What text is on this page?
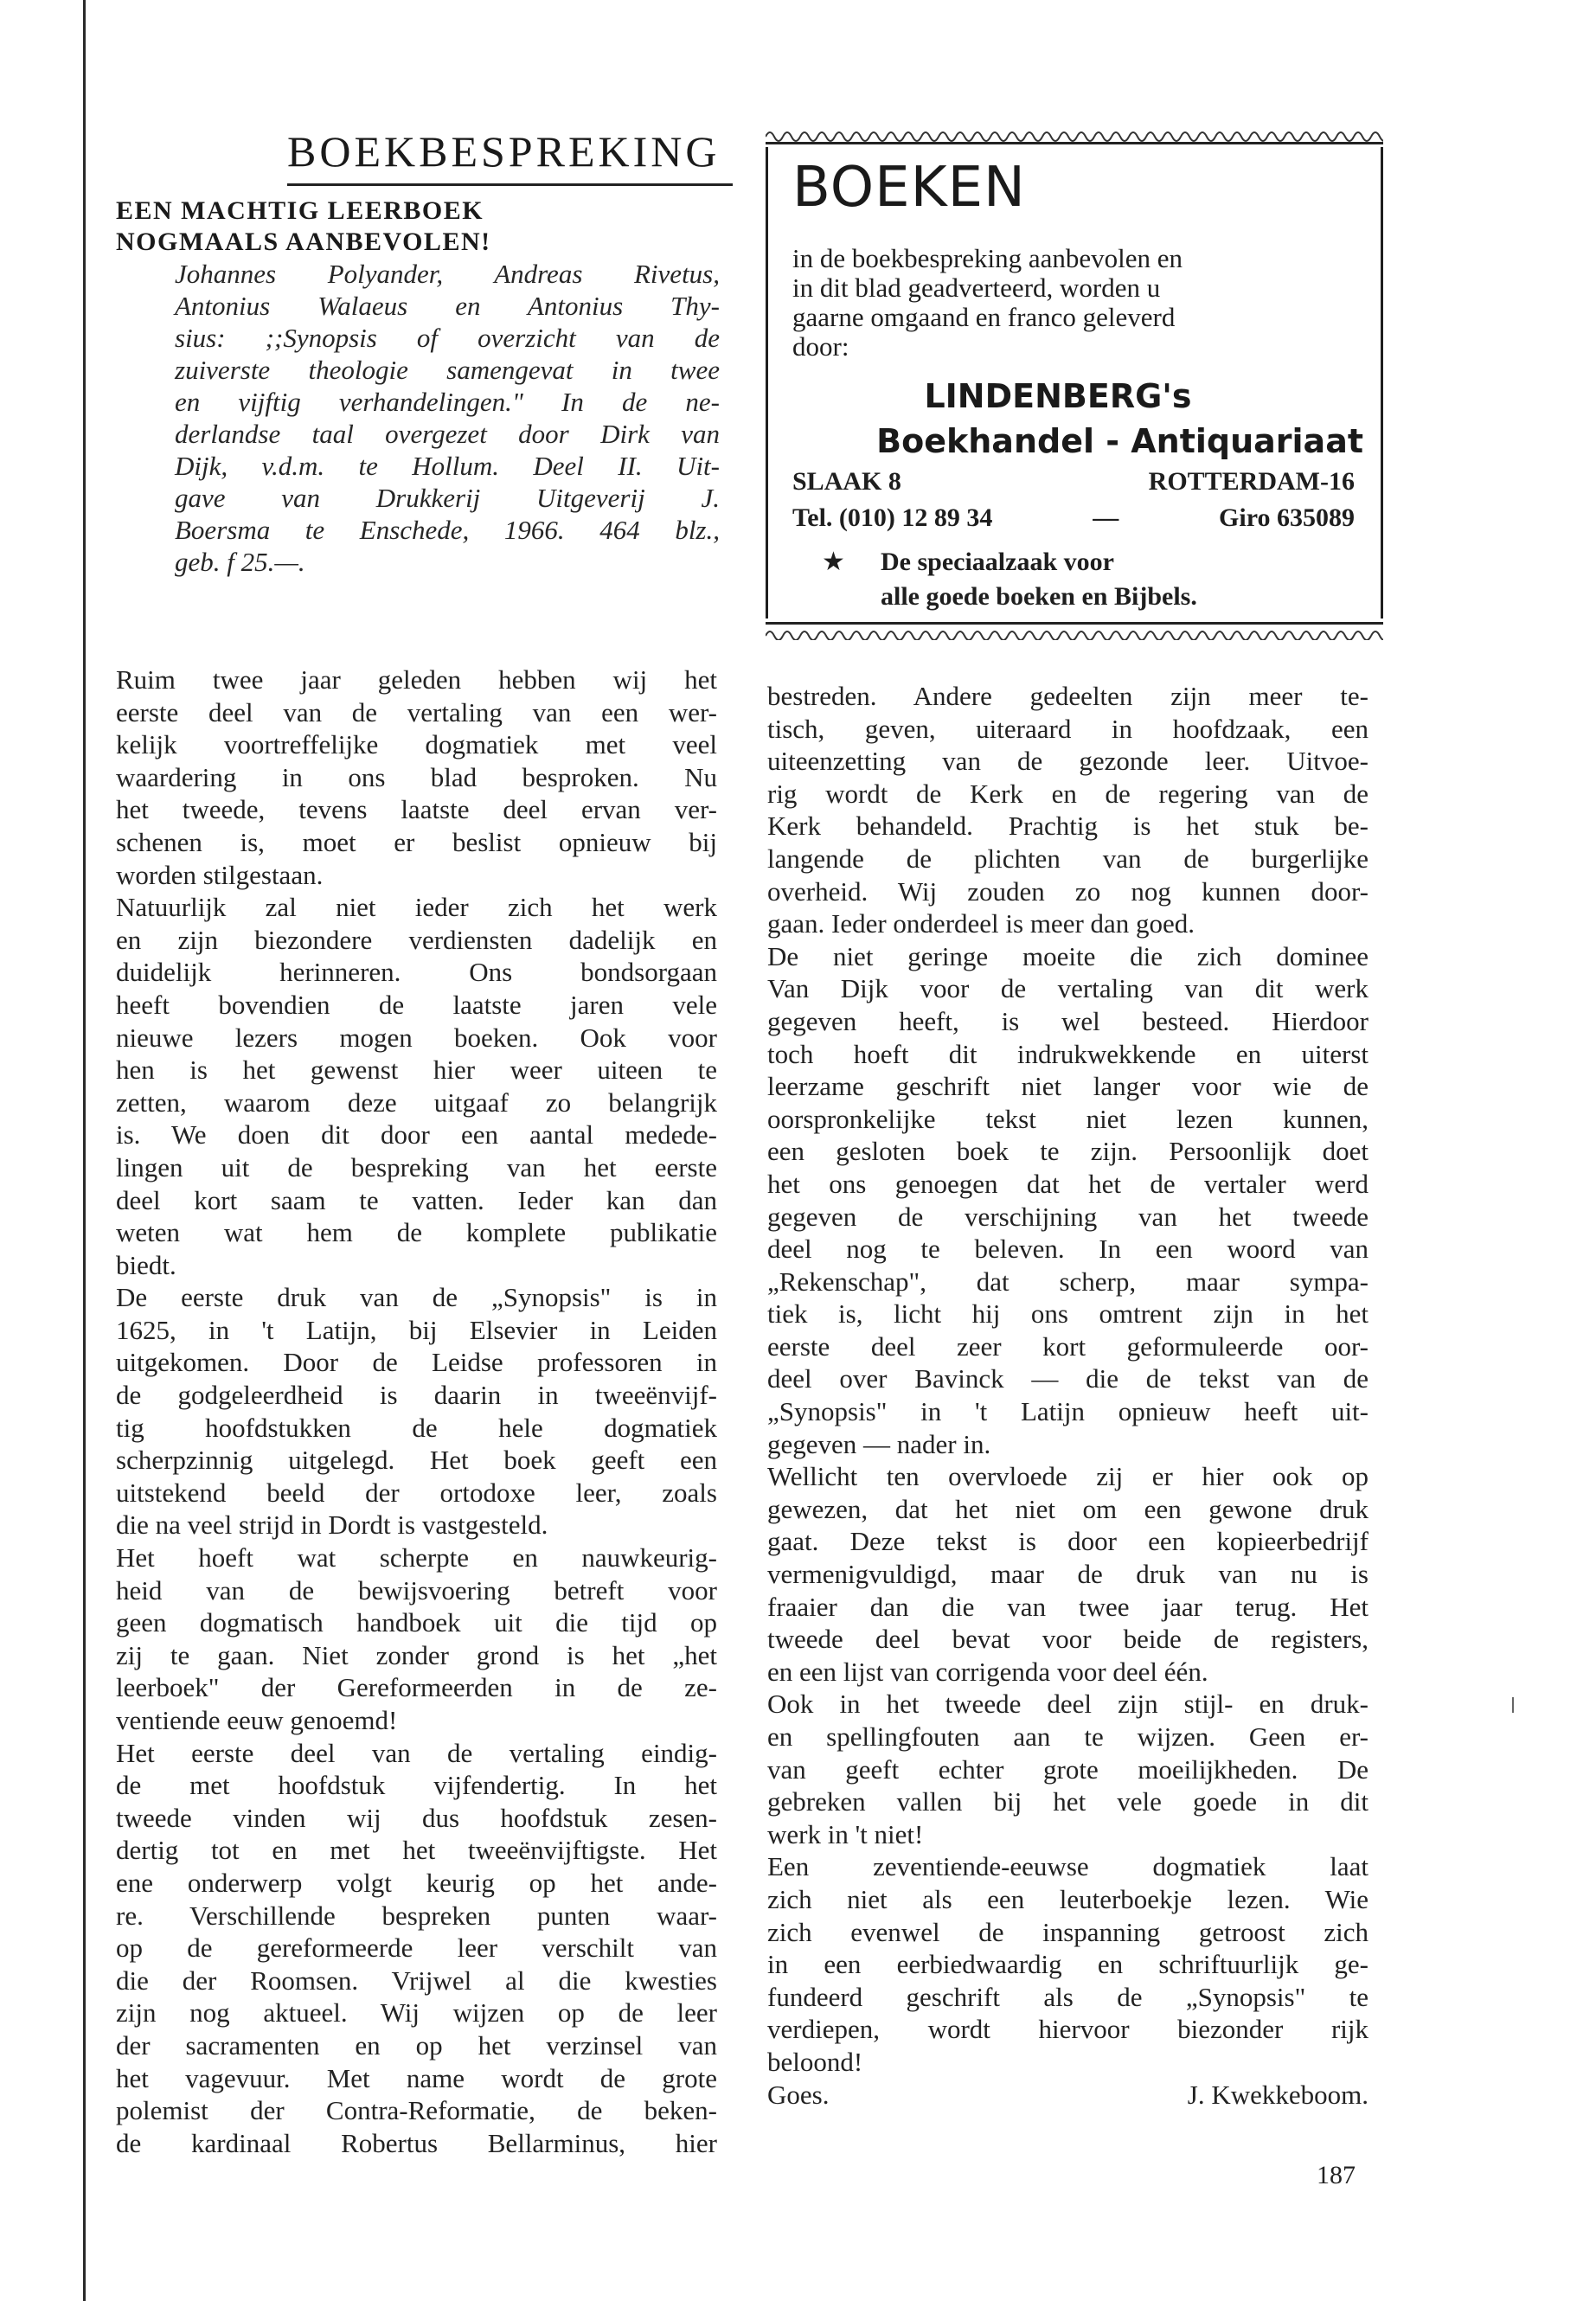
BOEKBESPREKING
EEN MACHTIG LEERBOEK
NOGMAALS AANBEVOLEN!
Johannes Polyander, Andreas Rivetus,
Antonius Walaeus en Antonius Thy-
sius: ;;Synopsis of overzicht van de
zuiverste theologie samengevat in twee
en vijftig verhandelingen." In de ne-
derlandse taal overgezet door Dirk van
Dijk, v.d.m. te Hollum. Deel II. Uit-
gave van Drukkerij Uitgeverij J.
Boersma te Enschede, 1966. 464 blz.,
geb. f 25.—.
BOEKEN
in de boekbespreking aanbevolen en
in dit blad geadverteerd, worden u
gaarne omgaand en franco geleverd
door:
LINDENBERG's
Boekhandel - Antiquariaat
SLAAK 8	ROTTERDAM-16
Tel. (010) 12 89 34	—	Giro 635089
★ De speciaalzaak voor
alle goede boeken en Bijbels.
Ruim twee jaar geleden hebben wij het
eerste deel van de vertaling van een wer-
kelijk voortreffelijke dogmatiek met veel
waardering in ons blad besproken. Nu
het tweede, tevens laatste deel ervan ver-
schenen is, moet er beslist opnieuw bij
worden stilgestaan.
Natuurlijk zal niet ieder zich het werk
en zijn biezondere verdiensten dadelijk en
duidelijk herinneren. Ons bondsorgaan
heeft bovendien de laatste jaren vele
nieuwe lezers mogen boeken. Ook voor
hen is het gewenst hier weer uiteen te
zetten, waarom deze uitgaaf zo belangrijk
is. We doen dit door een aantal medede-
lingen uit de bespreking van het eerste
deel kort saam te vatten. Ieder kan dan
weten wat hem de komplete publikatie
biedt.
De eerste druk van de „Synopsis" is in
1625, in 't Latijn, bij Elsevier in Leiden
uitgekomen. Door de Leidse professoren in
de godgeleerdheid is daarin in tweeënvijf-
tig hoofdstukken de hele dogmatiek
scherpzinnig uitgelegd. Het boek geeft een
uitstekend beeld der ortodoxe leer, zoals
die na veel strijd in Dordt is vastgesteld.
Het hoeft wat scherpte en nauwkeurig-
heid van de bewijsvoering betreft voor
geen dogmatisch handboek uit die tijd op
zij te gaan. Niet zonder grond is het „het
leerboek" der Gereformeerden in de ze-
ventiende eeuw genoemd!
Het eerste deel van de vertaling eindig-
de met hoofdstuk vijfendertig. In het
tweede vinden wij dus hoofdstuk zesen-
dertig tot en met het tweeënvijftigste. Het
ene onderwerp volgt keurig op het ande-
re. Verschillende bespreken punten waar-
op de gereformeerde leer verschilt van
die der Roomsen. Vrijwel al die kwesties
zijn nog aktueel. Wij wijzen op de leer
der sacramenten en op het verzinsel van
het vagevuur. Met name wordt de grote
polemist der Contra-Reformatie, de beken-
de kardinaal Robertus Bellarminus, hier
bestreden. Andere gedeelten zijn meer te-
tisch, geven, uiteraard in hoofdzaak, een
uiteenzetting van de gezonde leer. Uitvoe-
rig wordt de Kerk en de regering van de
Kerk behandeld. Prachtig is het stuk be-
langende de plichten van de burgerlijke
overheid. Wij zouden zo nog kunnen door-
gaan. Ieder onderdeel is meer dan goed.
De niet geringe moeite die zich dominee
Van Dijk voor de vertaling van dit werk
gegeven heeft, is wel besteed. Hierdoor
toch hoeft dit indrukwekkende en uiterst
leerzame geschrift niet langer voor wie de
oorspronkelijke tekst niet lezen kunnen,
een gesloten boek te zijn. Persoonlijk doet
het ons genoegen dat het de vertaler werd
gegeven de verschijning van het tweede
deel nog te beleven. In een woord van
„Rekenschap", dat scherp, maar sympa-
tiek is, licht hij ons omtrent zijn in het
eerste deel zeer kort geformuleerde oor-
deel over Bavinck — die de tekst van de
„Synopsis" in 't Latijn opnieuw heeft uit-
gegeven — nader in.
Wellicht ten overvloede zij er hier ook op
gewezen, dat het niet om een gewone druk
gaat. Deze tekst is door een kopieerbedrijf
vermenigvuldigd, maar de druk van nu is
fraaier dan die van twee jaar terug. Het
tweede deel bevat voor beide de registers,
en een lijst van corrigenda voor deel één.
Ook in het tweede deel zijn stijl- en druk-
en spellingfouten aan te wijzen. Geen er-
van geeft echter grote moeilijkheden. De
gebreken vallen bij het vele goede in dit
werk in 't niet!
Een zeventiende-eeuwse dogmatiek laat
zich niet als een leuterboekje lezen. Wie
zich evenwel de inspanning getroost zich
in een eerbiedwaardig en schriftuurlijk ge-
fundeerd geschrift als de „Synopsis" te
verdiepen, wordt hiervoor biezonder rijk
beloond!
Goes.	J. Kwekkeboom.
187
